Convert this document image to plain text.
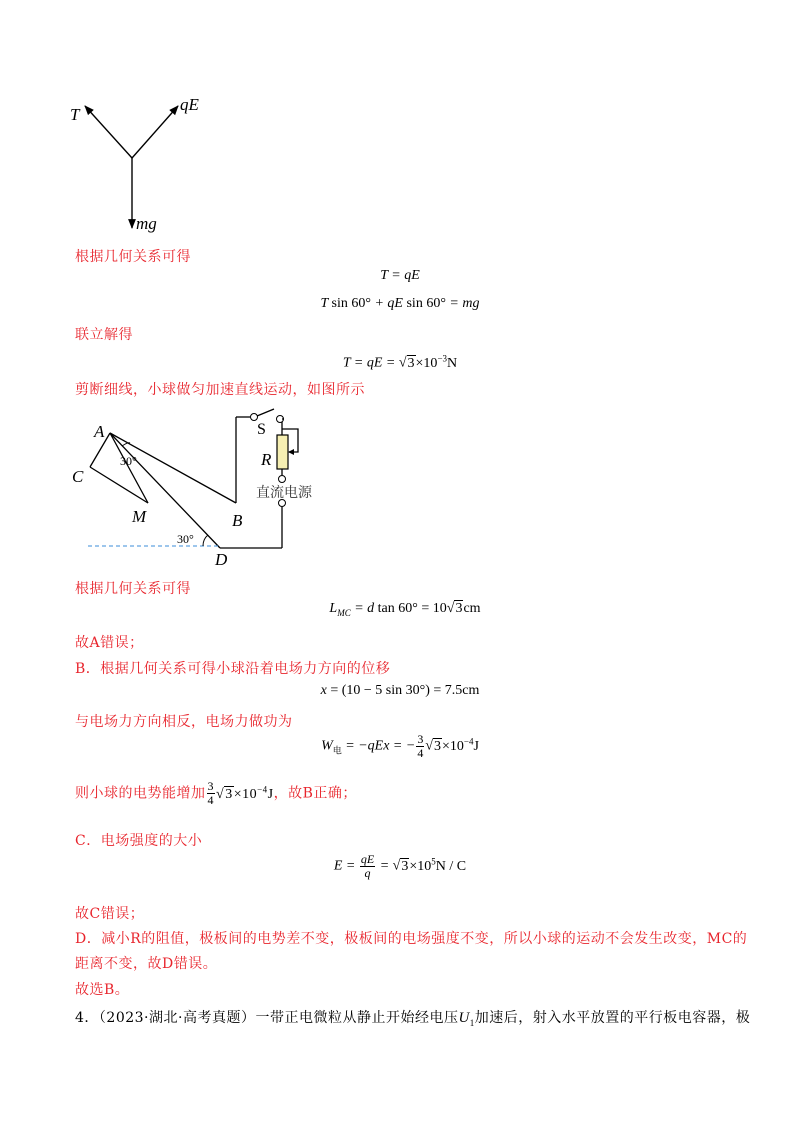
T
qE
mg
根据几何关系可得
T = qE
T sin 60° + qE sin 60° = mg
联立解得
T = qE = $√3\times 10^{-3}N$
剪断细线，小球做匀加速直线运动，如图所示
A
C
M	B
D
S
R
30°
30°
直流电源
根据几何关系可得
$L_{MC} = d$ tan 60° = 10√3cm
故A错误；
B．根据几何关系可得小球沿着电场力方向的位移
x = (10 − 5 sin 30°) = 7.5cm
与电场力方向相反，电场力做功为
$W_电 = -qEx$ = − $\frac{3}{4} √3\times 10^{-4}J$
则小球的电势能增加 $\frac{3}{4} √3\times 10^{-4}J$，故B正确；
C．电场强度的大小
$E = \frac{qE}{q} = √3\times 10^5N / C$
故C错误；
D．减小R的阻值，极板间的电势差不变，极板间的电场强度不变，所以小球的运动不会发生改变，MC的
距离不变，故D错误。
故选B。
4．（2023·湖北·高考真题）一带正电微粒从静止开始经电压$U_1$加速后，射入水平放置的平行板电容器，极
